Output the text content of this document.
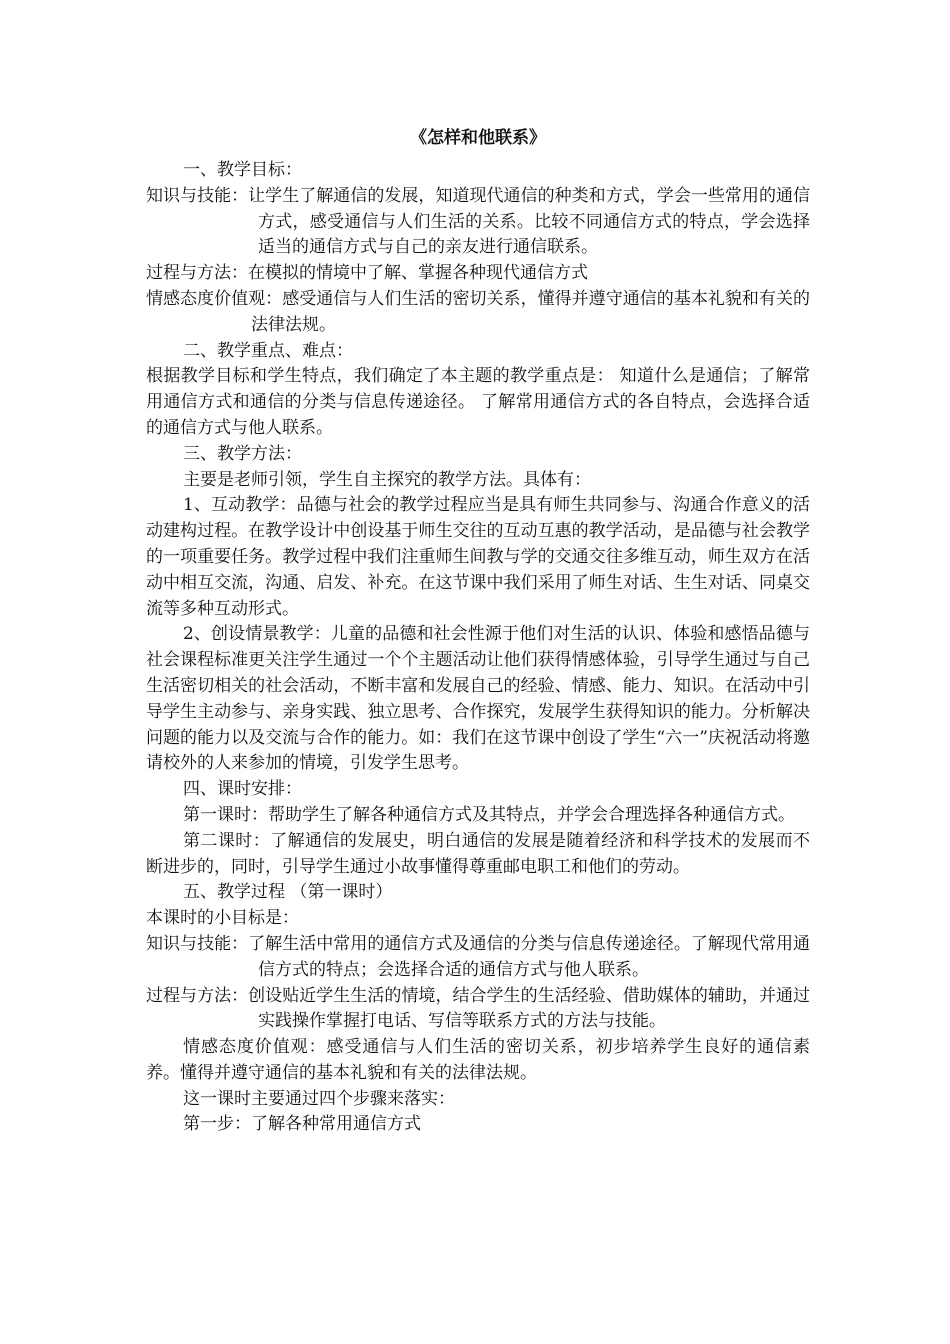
《怎样和他联系》

一、教学目标：

知识与技能：让学生了解通信的发展，知道现代通信的种类和方式，学会一些常用的通信方式，感受通信与人们生活的关系。比较不同通信方式的特点，学会选择适当的通信方式与自己的亲友进行通信联系。

过程与方法：在模拟的情境中了解、掌握各种现代通信方式

情感态度价值观：感受通信与人们生活的密切关系，懂得并遵守通信的基本礼貌和有关的法律法规。

二、教学重点、难点：

根据教学目标和学生特点，我们确定了本主题的教学重点是： 知道什么是通信；了解常用通信方式和通信的分类与信息传递途径。 了解常用通信方式的各自特点，会选择合适的通信方式与他人联系。

三、教学方法：

主要是老师引领，学生自主探究的教学方法。具体有：

1、互动教学：品德与社会的教学过程应当是具有师生共同参与、沟通合作意义的活动建构过程。在教学设计中创设基于师生交往的互动互惠的教学活动，是品德与社会教学的一项重要任务。教学过程中我们注重师生间教与学的交通交往多维互动，师生双方在活动中相互交流，沟通、启发、补充。在这节课中我们采用了师生对话、生生对话、同桌交流等多种互动形式。

2、创设情景教学：儿童的品德和社会性源于他们对生活的认识、体验和感悟品德与社会课程标准更关注学生通过一个个主题活动让他们获得情感体验，引导学生通过与自己生活密切相关的社会活动，不断丰富和发展自己的经验、情感、能力、知识。在活动中引导学生主动参与、亲身实践、独立思考、合作探究，发展学生获得知识的能力。分析解决问题的能力以及交流与合作的能力。如：我们在这节课中创设了学生“六一”庆祝活动将邀请校外的人来参加的情境，引发学生思考。

四、课时安排：

第一课时：帮助学生了解各种通信方式及其特点，并学会合理选择各种通信方式。

第二课时：了解通信的发展史，明白通信的发展是随着经济和科学技术的发展而不断进步的，同时，引导学生通过小故事懂得尊重邮电职工和他们的劳动。

五、教学过程 （第一课时）

本课时的小目标是：

知识与技能：了解生活中常用的通信方式及通信的分类与信息传递途径。了解现代常用通信方式的特点；会选择合适的通信方式与他人联系。

过程与方法：创设贴近学生生活的情境，结合学生的生活经验、借助媒体的辅助，并通过实践操作掌握打电话、写信等联系方式的方法与技能。

情感态度价值观：感受通信与人们生活的密切关系，初步培养学生良好的通信素养。懂得并遵守通信的基本礼貌和有关的法律法规。

这一课时主要通过四个步骤来落实：

第一步：了解各种常用通信方式
